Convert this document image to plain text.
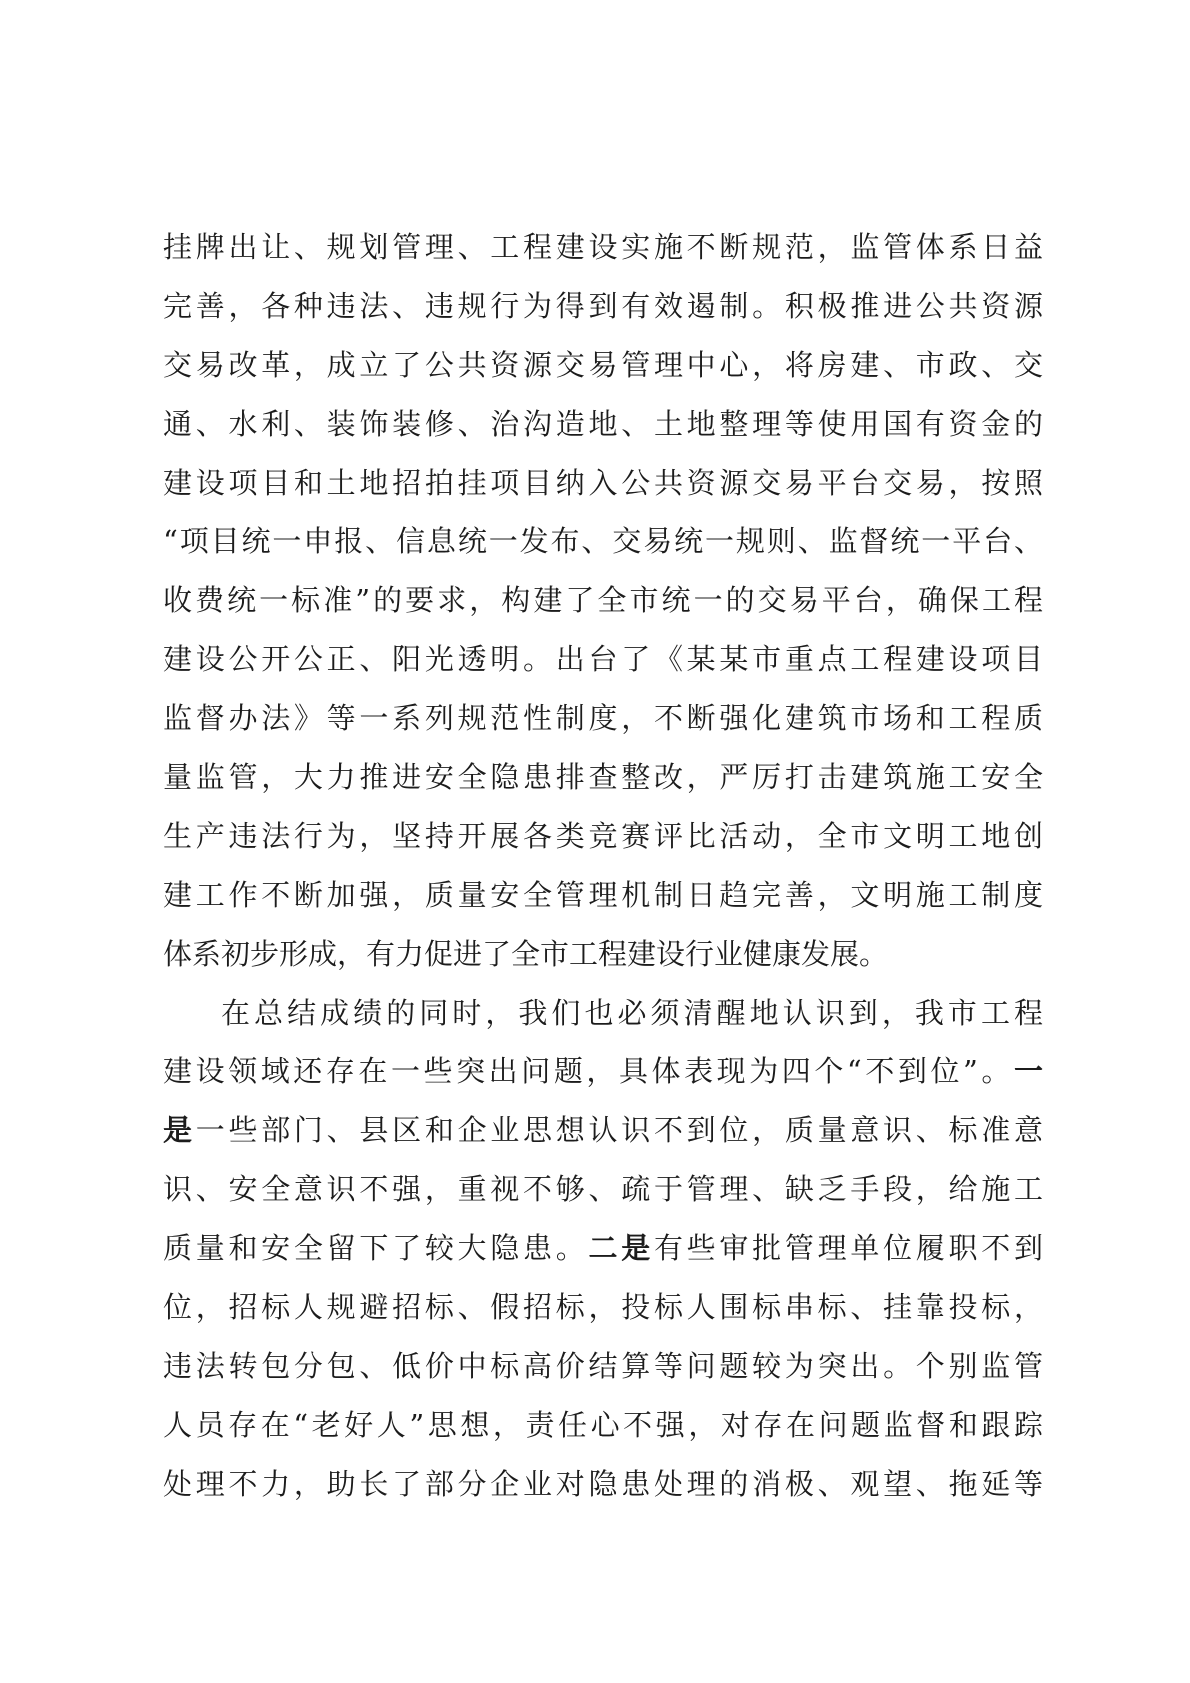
挂牌出让、规划管理、工程建设实施不断规范，监管体系日益
完善，各种违法、违规行为得到有效遏制。积极推进公共资源
交易改革，成立了公共资源交易管理中心，将房建、市政、交
通、水利、装饰装修、治沟造地、土地整理等使用国有资金的
建设项目和土地招拍挂项目纳入公共资源交易平台交易，按照
“项目统一申报、信息统一发布、交易统一规则、监督统一平台、
收费统一标准”的要求，构建了全市统一的交易平台，确保工程
建设公开公正、阳光透明。出台了《某某市重点工程建设项目
监督办法》等一系列规范性制度，不断强化建筑市场和工程质
量监管，大力推进安全隐患排查整改，严厉打击建筑施工安全
生产违法行为，坚持开展各类竞赛评比活动，全市文明工地创
建工作不断加强，质量安全管理机制日趋完善，文明施工制度
体系初步形成，有力促进了全市工程建设行业健康发展。
在总结成绩的同时，我们也必须清醒地认识到，我市工程
建设领域还存在一些突出问题，具体表现为四个“不到位”。一
是一些部门、县区和企业思想认识不到位，质量意识、标准意
识、安全意识不强，重视不够、疏于管理、缺乏手段，给施工
质量和安全留下了较大隐患。二是有些审批管理单位履职不到
位，招标人规避招标、假招标，投标人围标串标、挂靠投标，
违法转包分包、低价中标高价结算等问题较为突出。个别监管
人员存在“老好人”思想，责任心不强，对存在问题监督和跟踪
处理不力，助长了部分企业对隐患处理的消极、观望、拖延等
